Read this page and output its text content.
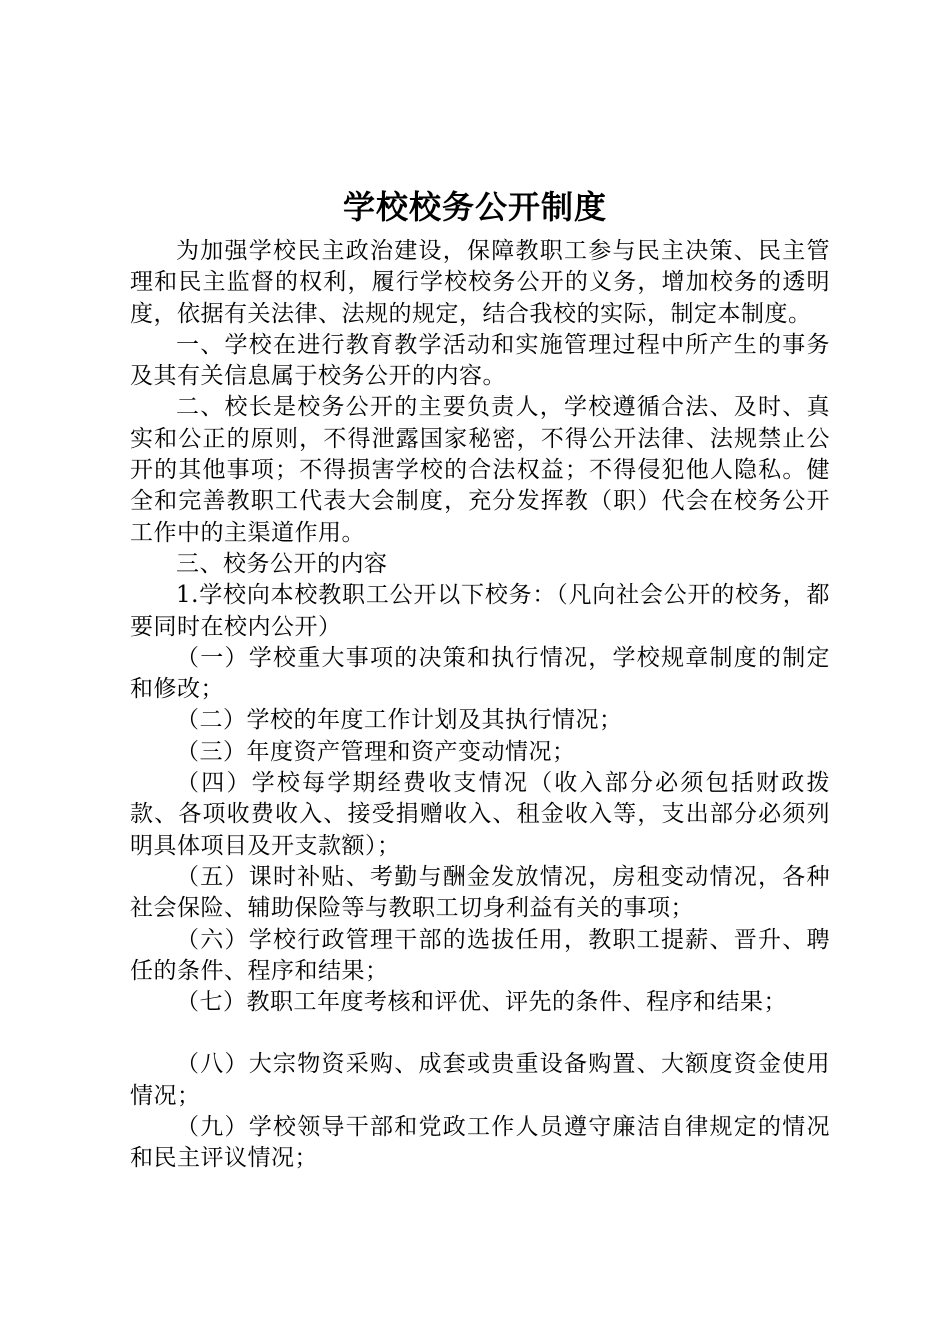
学校校务公开制度

为加强学校民主政治建设，保障教职工参与民主决策、民主管理和民主监督的权利，履行学校校务公开的义务，增加校务的透明度，依据有关法律、法规的规定，结合我校的实际，制定本制度。

一、学校在进行教育教学活动和实施管理过程中所产生的事务及其有关信息属于校务公开的内容。

二、校长是校务公开的主要负责人，学校遵循合法、及时、真实和公正的原则，不得泄露国家秘密，不得公开法律、法规禁止公开的其他事项；不得损害学校的合法权益；不得侵犯他人隐私。健全和完善教职工代表大会制度，充分发挥教（职）代会在校务公开工作中的主渠道作用。

三、校务公开的内容

1.学校向本校教职工公开以下校务：（凡向社会公开的校务，都要同时在校内公开）

（一）学校重大事项的决策和执行情况，学校规章制度的制定和修改；

（二）学校的年度工作计划及其执行情况；

（三）年度资产管理和资产变动情况；

（四）学校每学期经费收支情况（收入部分必须包括财政拨款、各项收费收入、接受捐赠收入、租金收入等，支出部分必须列明具体项目及开支款额）；

（五）课时补贴、考勤与酬金发放情况，房租变动情况，各种社会保险、辅助保险等与教职工切身利益有关的事项；

（六）学校行政管理干部的选拔任用，教职工提薪、晋升、聘任的条件、程序和结果；

（七）教职工年度考核和评优、评先的条件、程序和结果；

（八）大宗物资采购、成套或贵重设备购置、大额度资金使用情况；

（九）学校领导干部和党政工作人员遵守廉洁自律规定的情况和民主评议情况；
